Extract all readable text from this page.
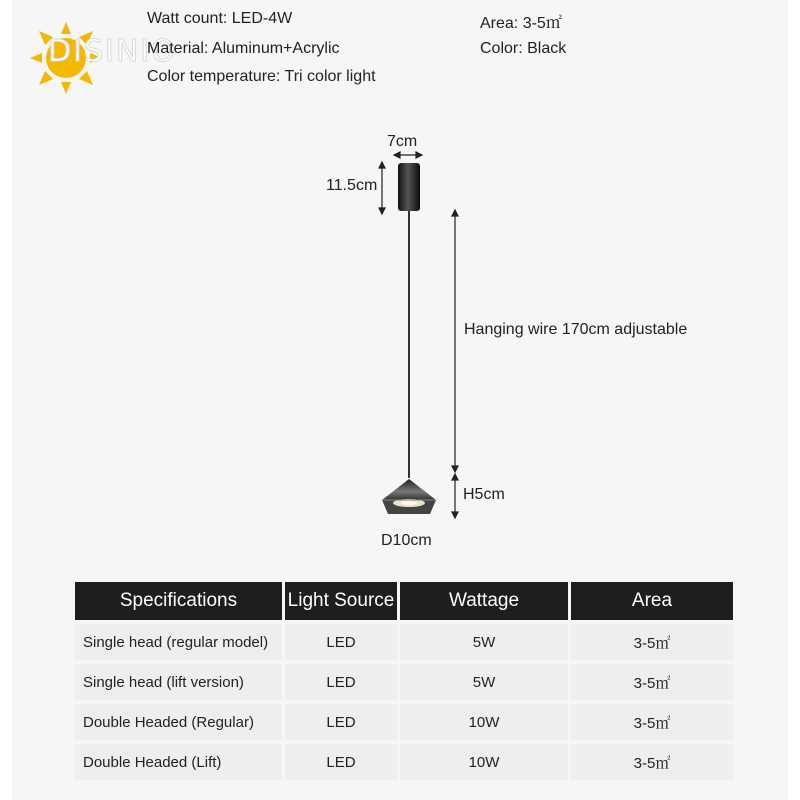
DISINIO
Watt count: LED-4W	Area: 3-5㎡
Material: Aluminum+Acrylic	Color: Black
Color temperature: Tri color light
7cm
11.5cm
Hanging wire 170cm adjustable
H5cm
D10cm
Specifications	Light Source	Wattage	Area
Single head (regular model)	LED	5W	3-5㎡
Single head (lift version)	LED	5W	3-5㎡
Double Headed (Regular)	LED	10W	3-5㎡
Double Headed (Lift)	LED	10W	3-5㎡
